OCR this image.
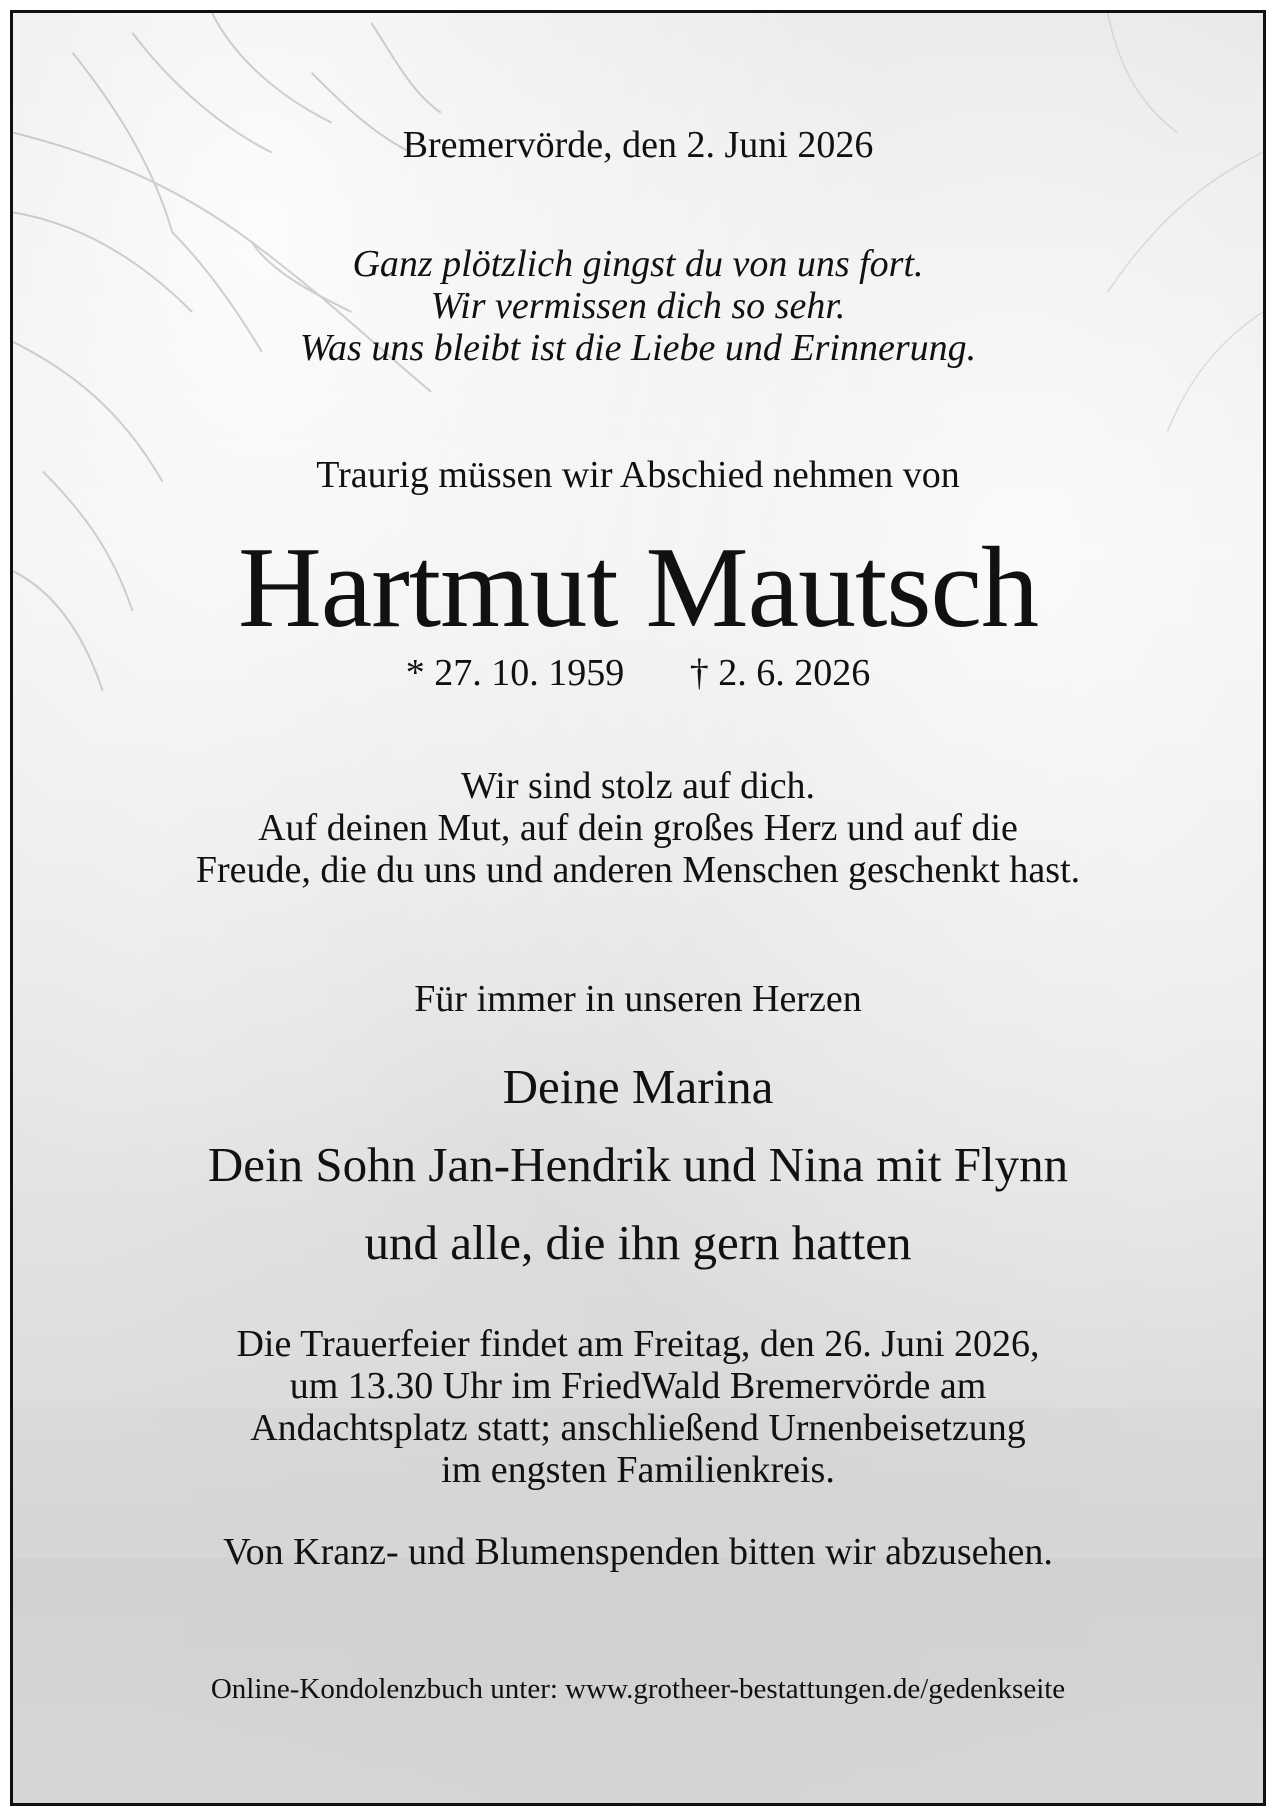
Bremervörde, den 2. Juni 2026
Ganz plötzlich gingst du von uns fort.
Wir vermissen dich so sehr.
Was uns bleibt ist die Liebe und Erinnerung.
Traurig müssen wir Abschied nehmen von
Hartmut Mautsch
* 27. 10. 1959 † 2. 6. 2026
Wir sind stolz auf dich.
Auf deinen Mut, auf dein großes Herz und auf die
Freude, die du uns und anderen Menschen geschenkt hast.
Für immer in unseren Herzen
Deine Marina
Dein Sohn Jan-Hendrik und Nina mit Flynn
und alle, die ihn gern hatten
Die Trauerfeier findet am Freitag, den 26. Juni 2026,
um 13.30 Uhr im FriedWald Bremervörde am
Andachtsplatz statt; anschließend Urnenbeisetzung
im engsten Familienkreis.
Von Kranz- und Blumenspenden bitten wir abzusehen.
Online-Kondolenzbuch unter: www.grotheer-bestattungen.de/gedenkseite
